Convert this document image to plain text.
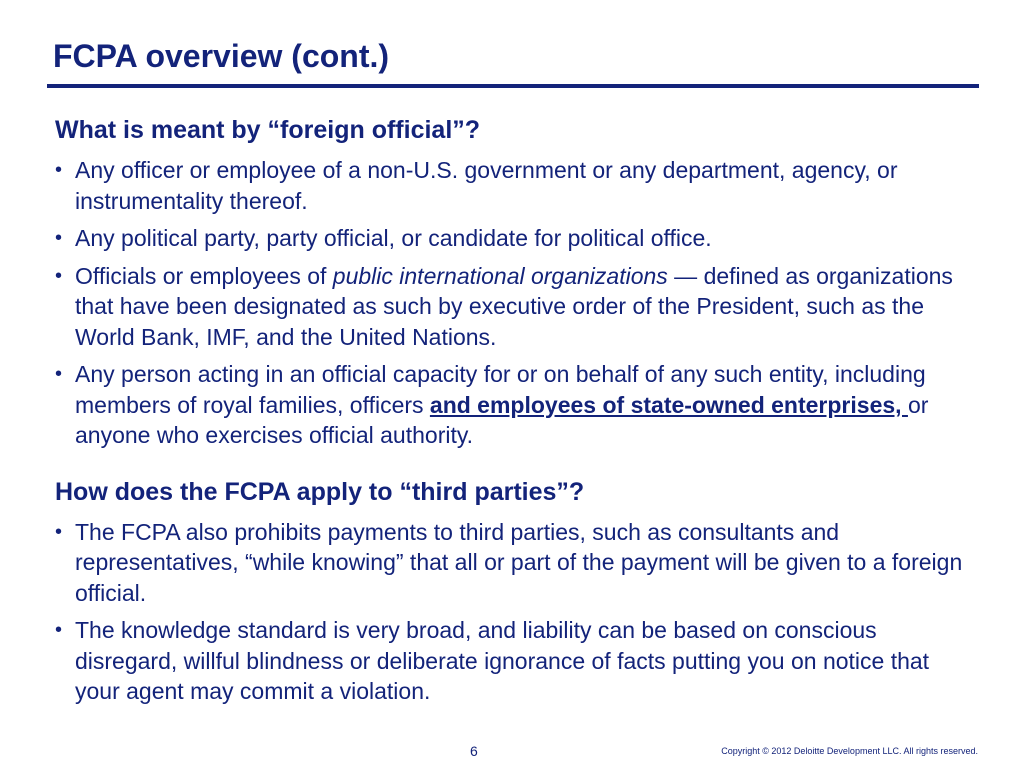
FCPA overview (cont.)
What is meant by “foreign official”?
• Any officer or employee of a non-U.S. government or any department, agency, or instrumentality thereof.
• Any political party, party official, or candidate for political office.
• Officials or employees of public international organizations — defined as organizations that have been designated as such by executive order of the President, such as the World Bank, IMF, and the United Nations.
• Any person acting in an official capacity for or on behalf of any such entity, including members of royal families, officers and employees of state-owned enterprises, or anyone who exercises official authority.
How does the FCPA apply to “third parties”?
• The FCPA also prohibits payments to third parties, such as consultants and representatives, “while knowing” that all or part of the payment will be given to a foreign official.
• The knowledge standard is very broad, and liability can be based on conscious disregard, willful blindness or deliberate ignorance of facts putting you on notice that your agent may commit a violation.
6	Copyright © 2012 Deloitte Development LLC. All rights reserved.
